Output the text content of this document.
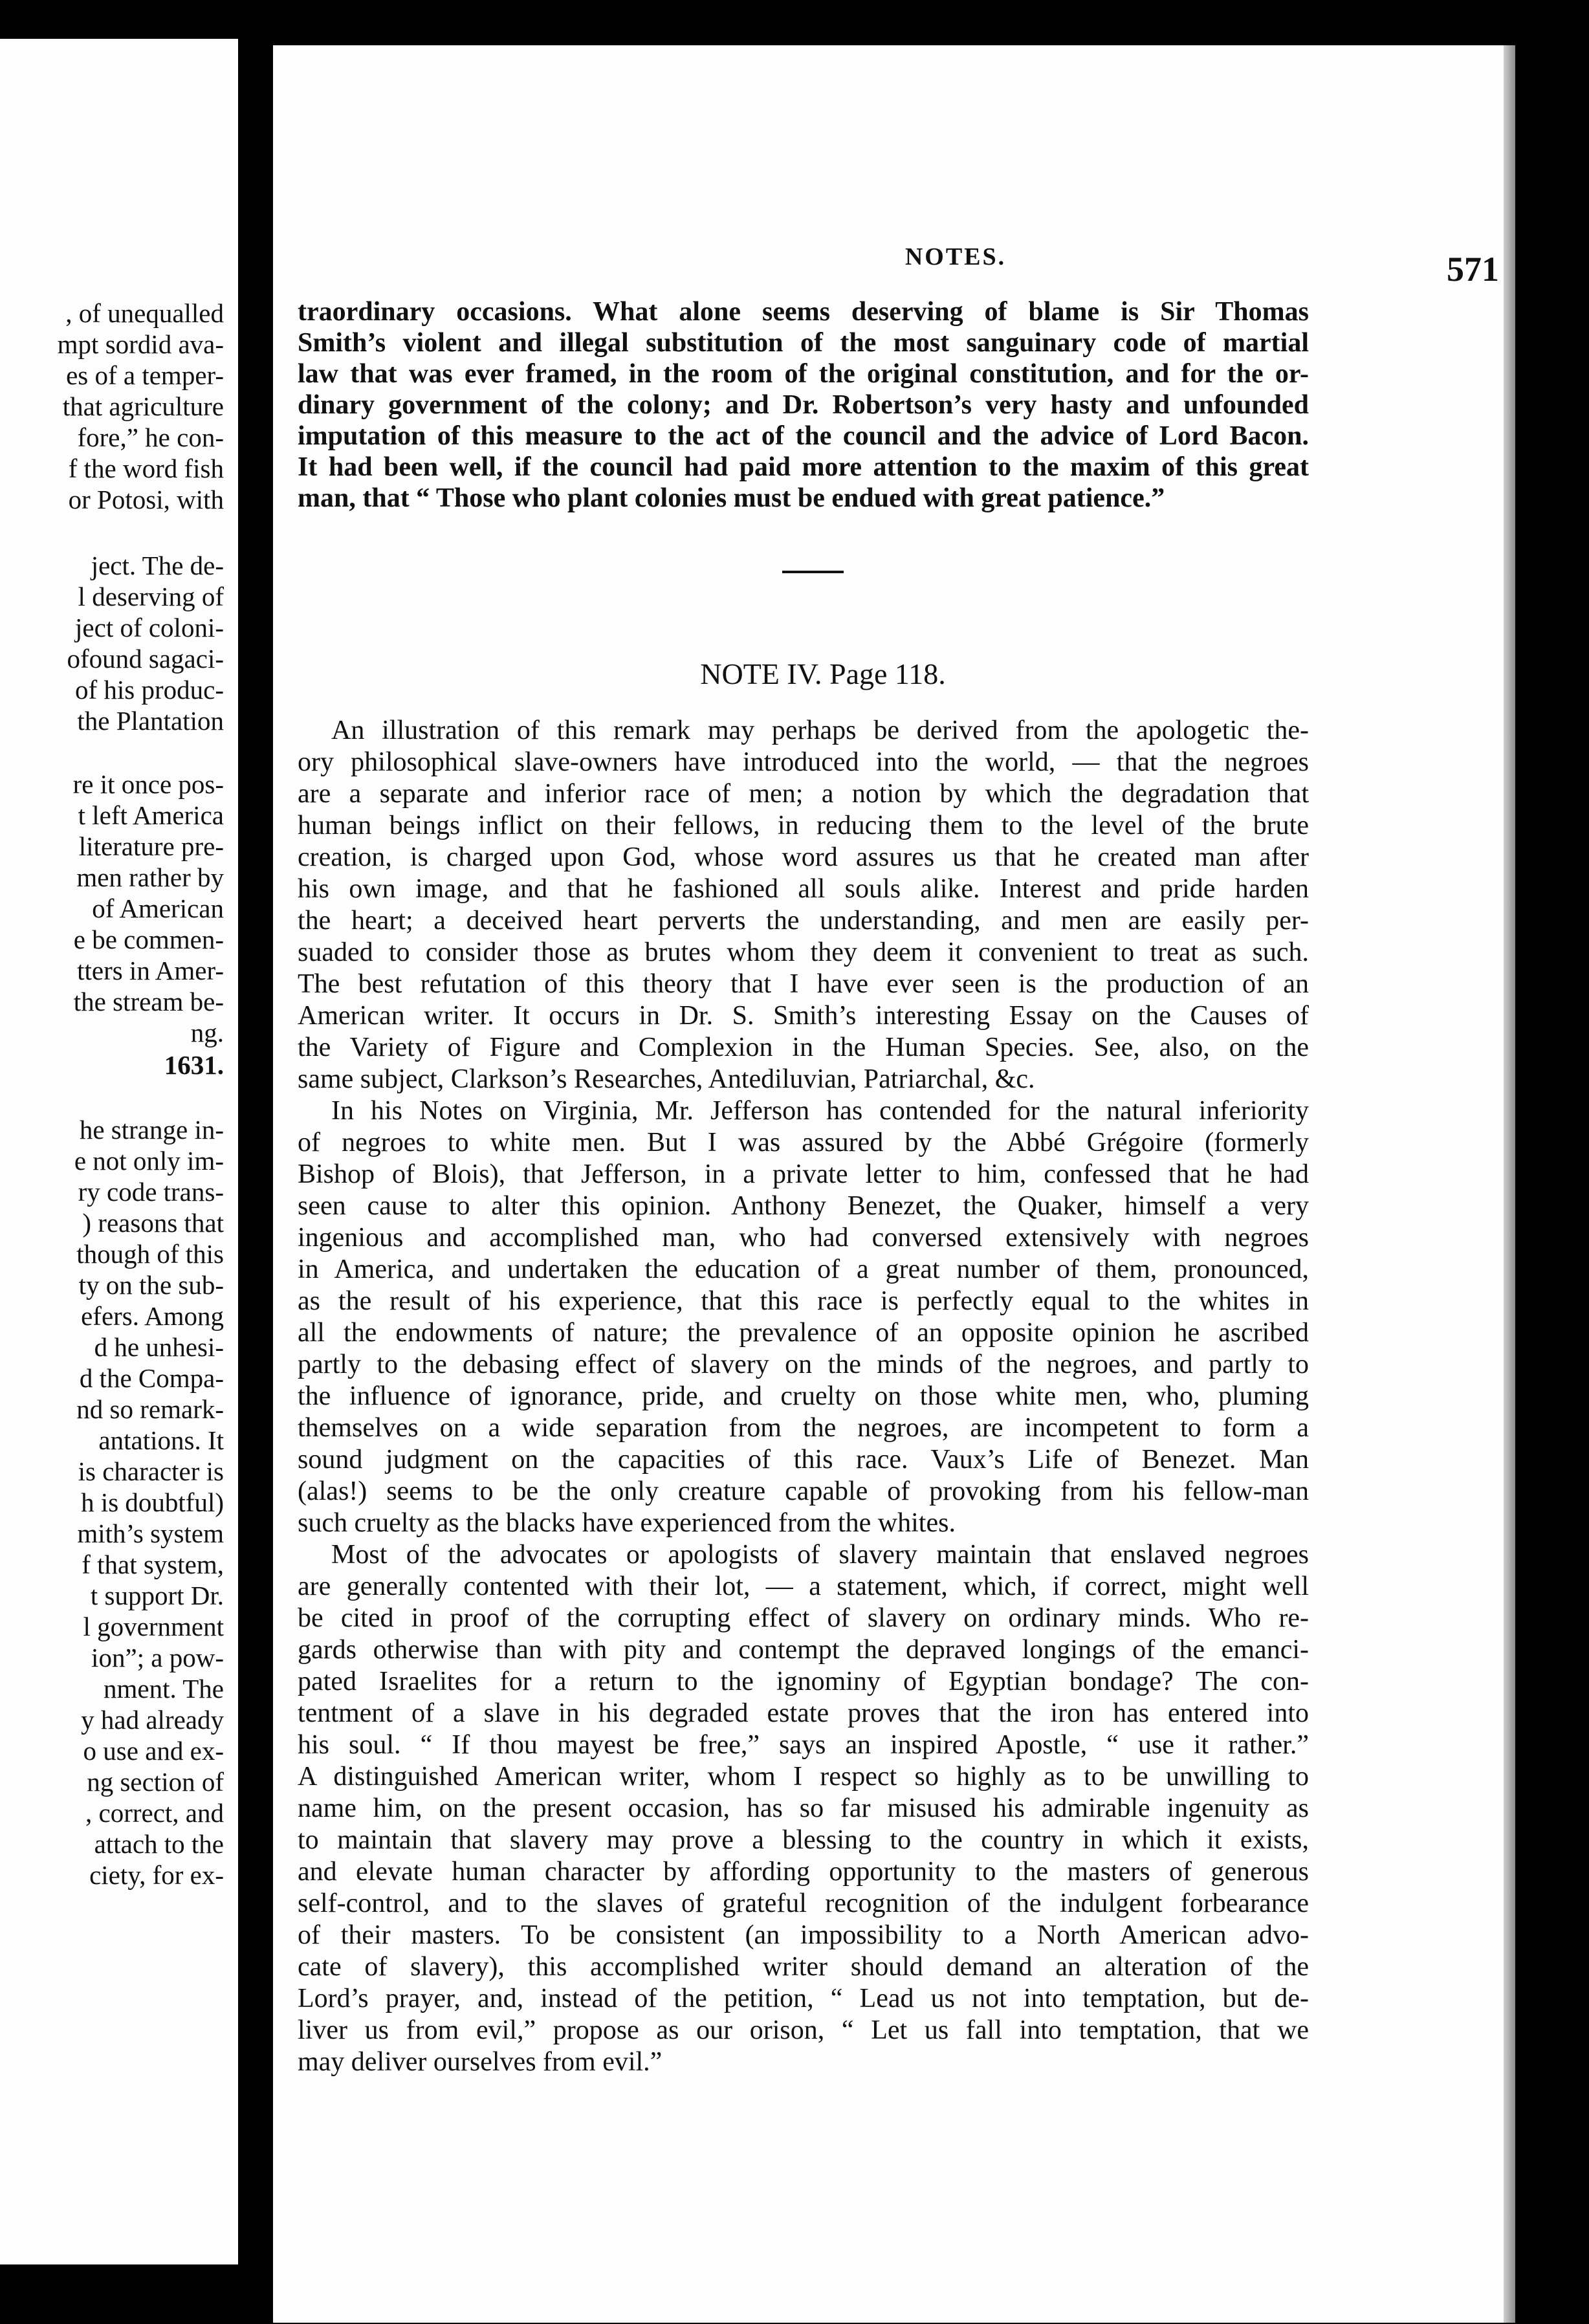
, of unequalled
mpt sordid ava-
es of a temper-
that agriculture
fore,” he con-
f the word fish
or Potosi, with
ject. The de-
l deserving of
ject of coloni-
ofound sagaci-
of his produc-
the Plantation
re it once pos-
t left America
literature pre-
men rather by
of American
e be commen-
tters in Amer-
the stream be-
ng.
1631.
he strange in-
e not only im-
ry code trans-
) reasons that
though of this
ty on the sub-
efers. Among
d he unhesi-
d the Compa-
nd so remark-
antations. It
is character is
h is doubtful)
mith’s system
f that system,
t support Dr.
l government
ion”; a pow-
nment. The
y had already
o use and ex-
ng section of
, correct, and
attach to the
ciety, for ex-
NOTES.	571
NOTE IV. Page 118.
traordinary occasions. What alone seems deserving of blame is Sir Thomas
Smith’s violent and illegal substitution of the most sanguinary code of martial
law that was ever framed, in the room of the original constitution, and for the or-
dinary government of the colony; and Dr. Robertson’s very hasty and unfounded
imputation of this measure to the act of the council and the advice of Lord Bacon.
It had been well, if the council had paid more attention to the maxim of this great
man, that “ Those who plant colonies must be endued with great patience.”
An illustration of this remark may perhaps be derived from the apologetic the-
ory philosophical slave-owners have introduced into the world, — that the negroes
are a separate and inferior race of men; a notion by which the degradation that
human beings inflict on their fellows, in reducing them to the level of the brute
creation, is charged upon God, whose word assures us that he created man after
his own image, and that he fashioned all souls alike. Interest and pride harden
the heart; a deceived heart perverts the understanding, and men are easily per-
suaded to consider those as brutes whom they deem it convenient to treat as such.
The best refutation of this theory that I have ever seen is the production of an
American writer. It occurs in Dr. S. Smith’s interesting Essay on the Causes of
the Variety of Figure and Complexion in the Human Species. See, also, on the
same subject, Clarkson’s Researches, Antediluvian, Patriarchal, &c.
In his Notes on Virginia, Mr. Jefferson has contended for the natural inferiority
of negroes to white men. But I was assured by the Abbé Grégoire (formerly
Bishop of Blois), that Jefferson, in a private letter to him, confessed that he had
seen cause to alter this opinion. Anthony Benezet, the Quaker, himself a very
ingenious and accomplished man, who had conversed extensively with negroes
in America, and undertaken the education of a great number of them, pronounced,
as the result of his experience, that this race is perfectly equal to the whites in
all the endowments of nature; the prevalence of an opposite opinion he ascribed
partly to the debasing effect of slavery on the minds of the negroes, and partly to
the influence of ignorance, pride, and cruelty on those white men, who, pluming
themselves on a wide separation from the negroes, are incompetent to form a
sound judgment on the capacities of this race. Vaux’s Life of Benezet. Man
(alas!) seems to be the only creature capable of provoking from his fellow-man
such cruelty as the blacks have experienced from the whites.
Most of the advocates or apologists of slavery maintain that enslaved negroes
are generally contented with their lot, — a statement, which, if correct, might well
be cited in proof of the corrupting effect of slavery on ordinary minds. Who re-
gards otherwise than with pity and contempt the depraved longings of the emanci-
pated Israelites for a return to the ignominy of Egyptian bondage? The con-
tentment of a slave in his degraded estate proves that the iron has entered into
his soul. “ If thou mayest be free,” says an inspired Apostle, “ use it rather.”
A distinguished American writer, whom I respect so highly as to be unwilling to
name him, on the present occasion, has so far misused his admirable ingenuity as
to maintain that slavery may prove a blessing to the country in which it exists,
and elevate human character by affording opportunity to the masters of generous
self-control, and to the slaves of grateful recognition of the indulgent forbearance
of their masters. To be consistent (an impossibility to a North American advo-
cate of slavery), this accomplished writer should demand an alteration of the
Lord’s prayer, and, instead of the petition, “ Lead us not into temptation, but de-
liver us from evil,” propose as our orison, “ Let us fall into temptation, that we
may deliver ourselves from evil.”
